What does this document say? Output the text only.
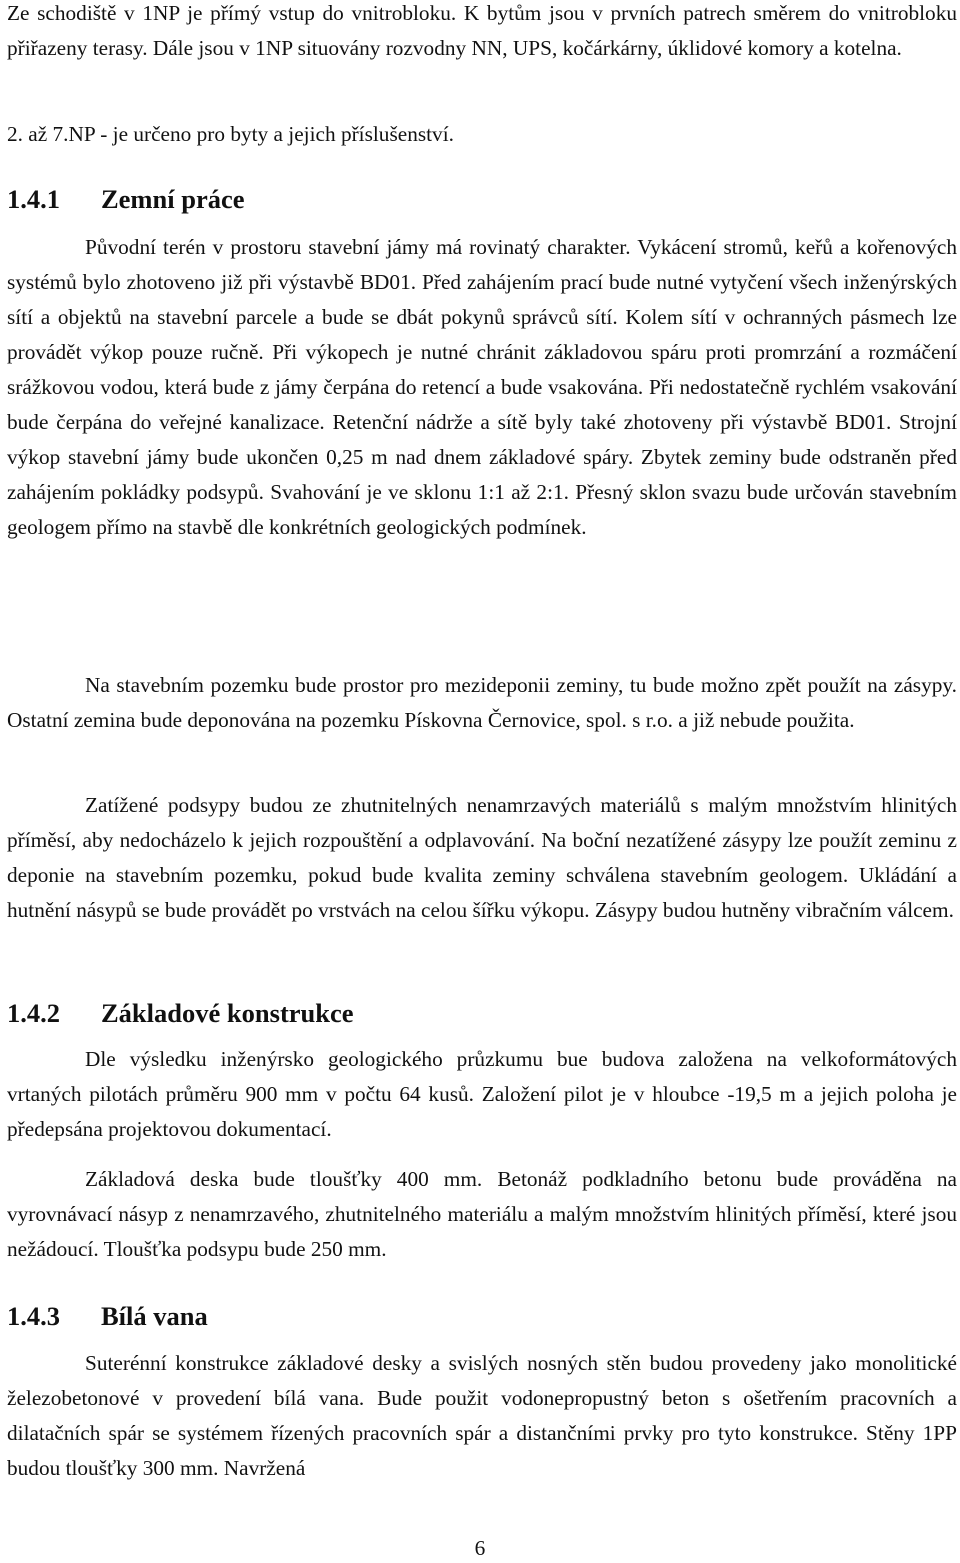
Ze schodiště v 1NP je přímý vstup do vnitrobloku. K bytům jsou v prvních patrech směrem do vnitrobloku přiřazeny terasy. Dále jsou v 1NP situovány rozvodny NN, UPS, kočárkárny, úklidové komory a kotelna.

2. až 7.NP - je určeno pro byty a jejich příslušenství.

1.4.1 Zemní práce

Původní terén v prostoru stavební jámy má rovinatý charakter. Vykácení stromů, keřů a kořenových systémů bylo zhotoveno již při výstavbě BD01. Před zahájením prací bude nutné vytyčení všech inženýrských sítí a objektů na stavební parcele a bude se dbát pokynů správců sítí. Kolem sítí v ochranných pásmech lze provádět výkop pouze ručně. Při výkopech je nutné chránit základovou spáru proti promrzání a rozmáčení srážkovou vodou, která bude z jámy čerpána do retencí a bude vsakována. Při nedostatečně rychlém vsakování bude čerpána do veřejné kanalizace. Retenční nádrže a sítě byly také zhotoveny při výstavbě BD01. Strojní výkop stavební jámy bude ukončen 0,25 m nad dnem základové spáry. Zbytek zeminy bude odstraněn před zahájením pokládky podsypů. Svahování je ve sklonu 1:1 až 2:1. Přesný sklon svazu bude určován stavebním geologem přímo na stavbě dle konkrétních geologických podmínek.

Na stavebním pozemku bude prostor pro mezideponii zeminy, tu bude možno zpět použít na zásypy. Ostatní zemina bude deponována na pozemku Pískovna Černovice, spol. s r.o. a již nebude použita.

Zatížené podsypy budou ze zhutnitelných nenamrzavých materiálů s malým množstvím hlinitých příměsí, aby nedocházelo k jejich rozpouštění a odplavování. Na boční nezatížené zásypy lze použít zeminu z deponie na stavebním pozemku, pokud bude kvalita zeminy schválena stavebním geologem. Ukládání a hutnění násypů se bude provádět po vrstvách na celou šířku výkopu. Zásypy budou hutněny vibračním válcem.

1.4.2 Základové konstrukce

Dle výsledku inženýrsko geologického průzkumu bue budova založena na velkoformátových vrtaných pilotách průměru 900 mm v počtu 64 kusů. Založení pilot je v hloubce -19,5 m a jejich poloha je předepsána projektovou dokumentací.

Základová deska bude tloušťky 400 mm. Betonáž podkladního betonu bude prováděna na vyrovnávací násyp z nenamrzavého, zhutnitelného materiálu a malým množstvím hlinitých příměsí, které jsou nežádoucí. Tloušťka podsypu bude 250 mm.

1.4.3 Bílá vana

Suterénní konstrukce základové desky a svislých nosných stěn budou provedeny jako monolitické železobetonové v provedení bílá vana. Bude použit vodonepropustný beton s ošetřením pracovních a dilatačních spár se systémem řízených pracovních spár a distančními prvky pro tyto konstrukce. Stěny 1PP budou tloušťky 300 mm. Navržená

6
